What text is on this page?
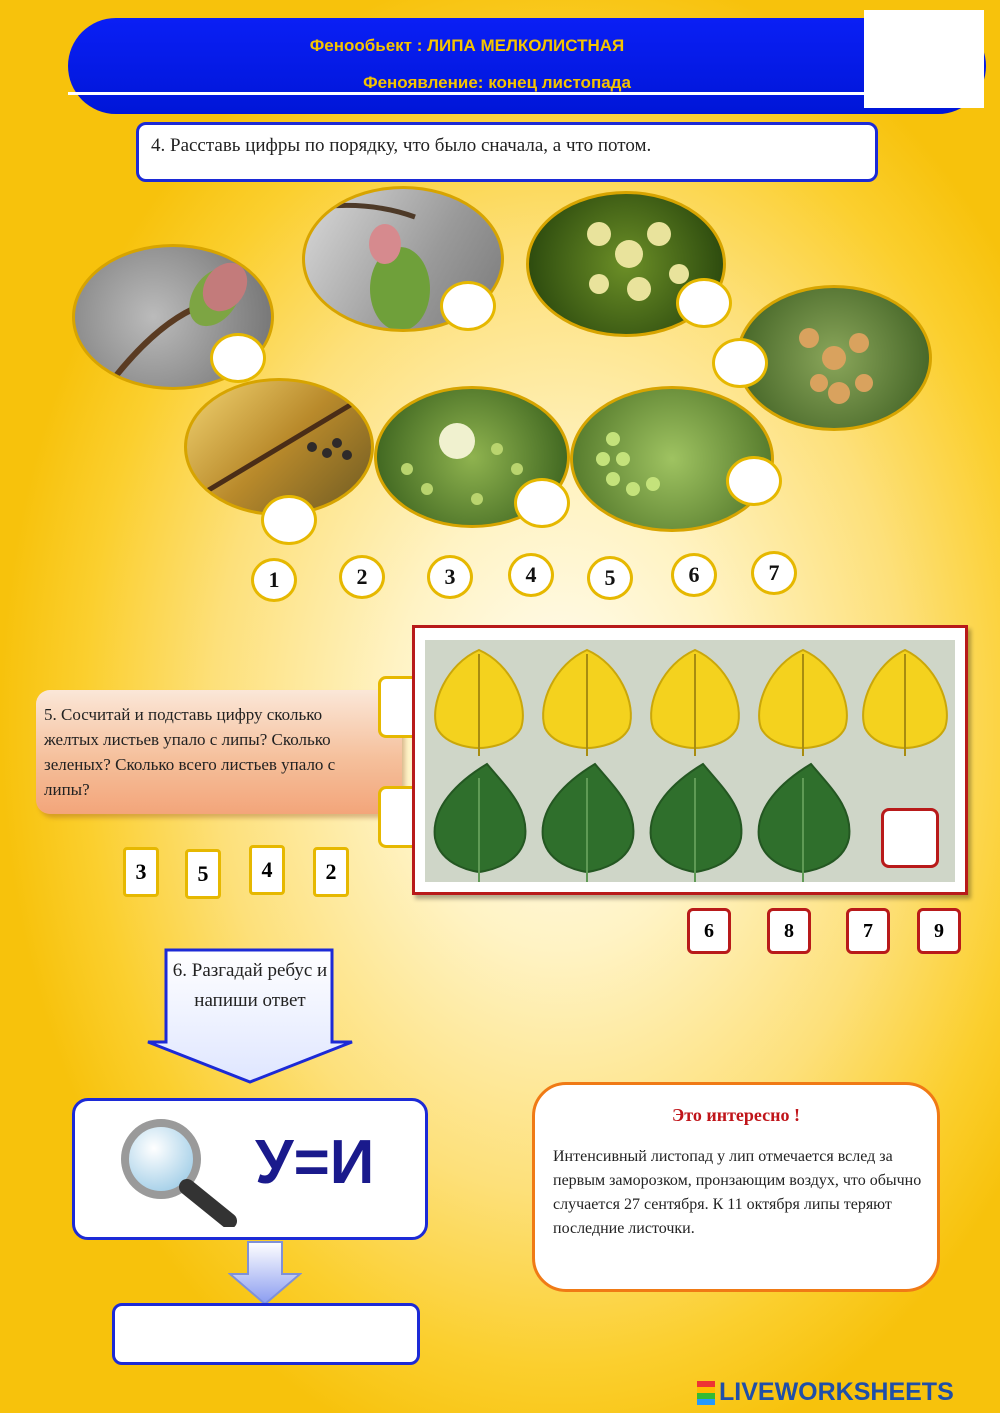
Фенообьект : ЛИПА МЕЛКОЛИСТНАЯ
Феноявление: конец листопада
4. Расставь цифры по порядку, что было сначала, а что потом.
1	2	3	4	5	6	7
5. Сосчитай и подставь цифру сколько желтых листьев упало с липы? Сколько зеленых? Сколько всего листьев упало с липы?
3	5	4	2
6	8	7	9
6. Разгадай ребус и напиши ответ
У=И
Это интересно !
Интенсивный листопад у лип отмечается вслед за первым заморозком, пронзающим воздух, что обычно случается 27 сентября. К 11 октября липы теряют последние листочки.
LIVEWORKSHEETS
